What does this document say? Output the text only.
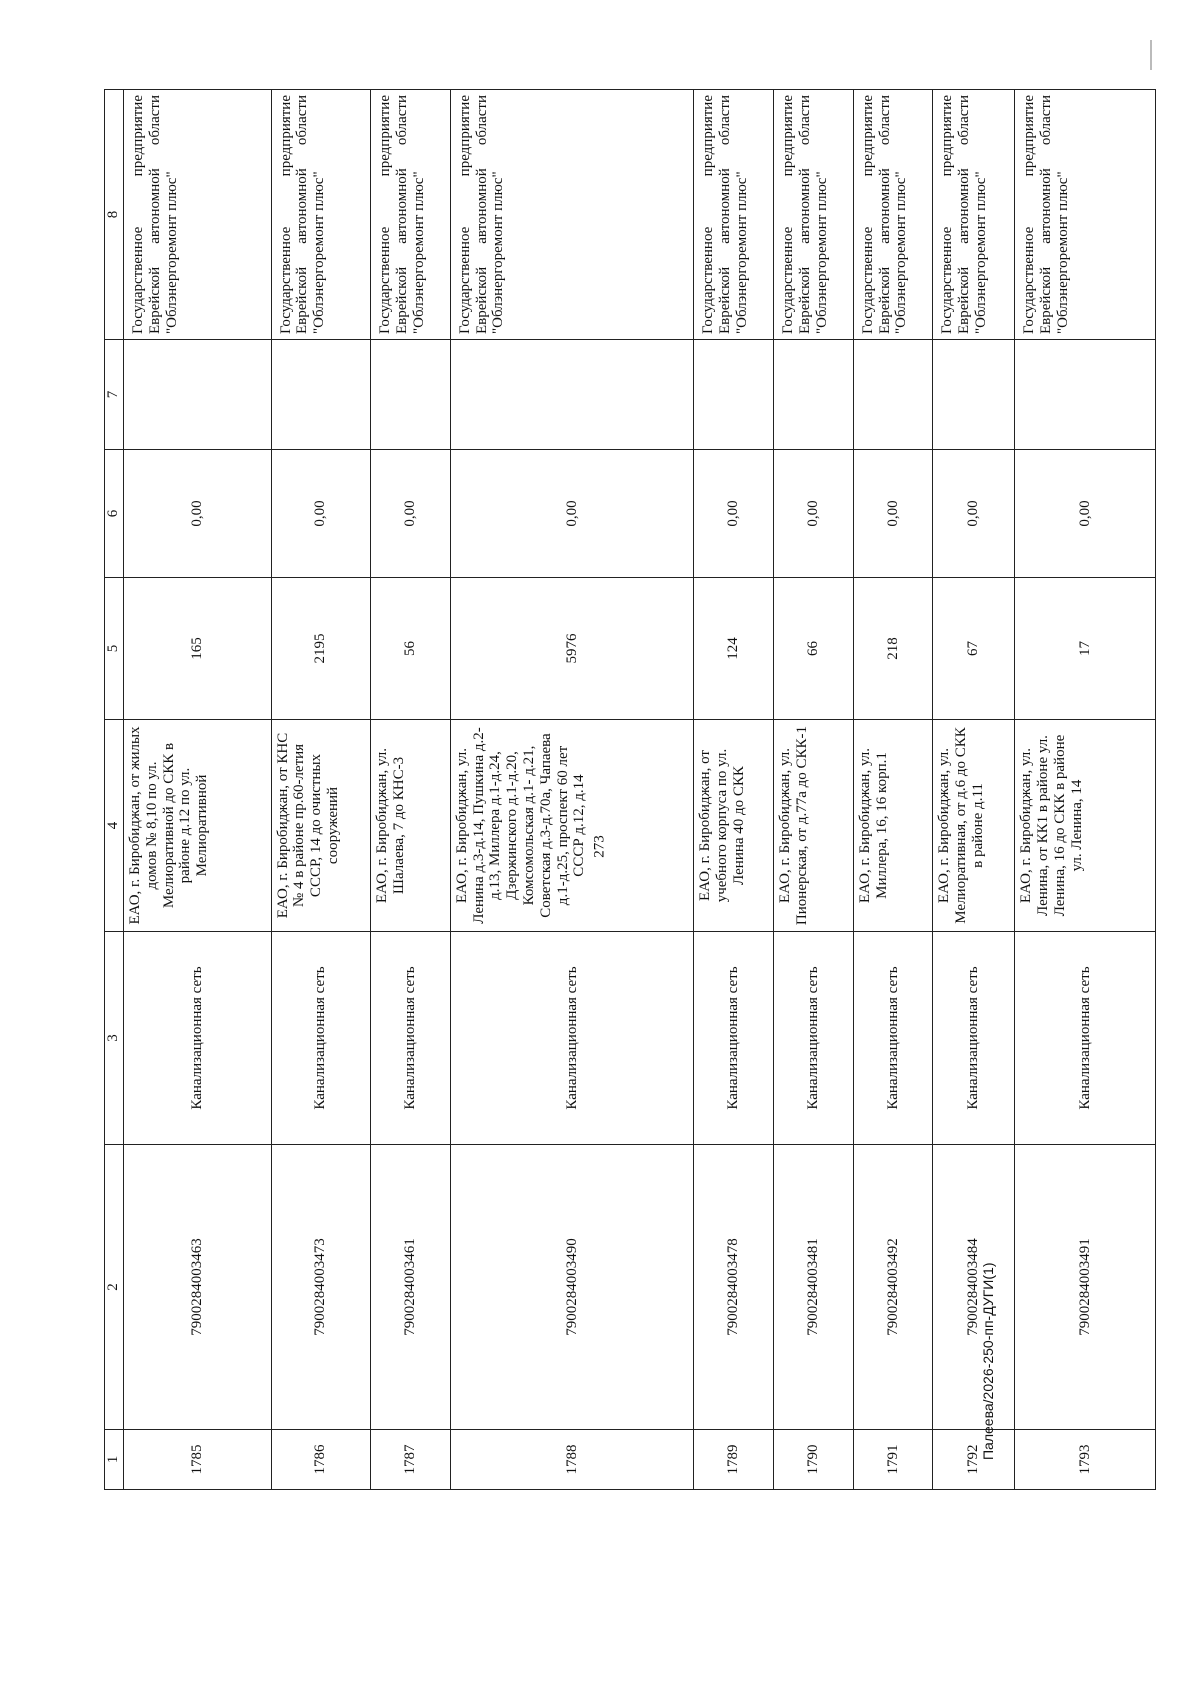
273
1	2	3	4	5	6	7	8
1785	7900284003463	Канализационная сеть	ЕАО, г. Биробиджан, от жилых домов № 8,10 по ул. Мелиоративной до СКК в районе д.12 по ул. Мелиоративной	165	0,00		Государственное предприятие Еврейской автономной области "Облэнергоремонт плюс"
1786	7900284003473	Канализационная сеть	ЕАО, г. Биробиджан, от КНС № 4 в районе пр.60-летия СССР, 14 до очистных сооружений	2195	0,00		Государственное предприятие Еврейской автономной области "Облэнергоремонт плюс"
1787	7900284003461	Канализационная сеть	ЕАО, г. Биробиджан, ул. Шалаева, 7 до КНС-3	56	0,00		Государственное предприятие Еврейской автономной области "Облэнергоремонт плюс"
1788	7900284003490	Канализационная сеть	ЕАО, г. Биробиджан, ул. Ленина д.3-д.14, Пушкина д.2-д.13, Миллера д.1-д.24, Дзержинского д.1-д.20, Комсомольская д.1- д.21, Советская д.3-д.70а, Чапаева д.1-д.25, проспект 60 лет СССР д.12, д.14	5976	0,00		Государственное предприятие Еврейской автономной области "Облэнергоремонт плюс"
1789	7900284003478	Канализационная сеть	ЕАО, г. Биробиджан, от учебного корпуса по ул. Ленина 40 до СКК	124	0,00		Государственное предприятие Еврейской автономной области "Облэнергоремонт плюс"
1790	7900284003481	Канализационная сеть	ЕАО, г. Биробиджан, ул. Пионерская, от д.77а до СКК-1	66	0,00		Государственное предприятие Еврейской автономной области "Облэнергоремонт плюс"
1791	7900284003492	Канализационная сеть	ЕАО, г. Биробиджан, ул. Миллера, 16, 16 корп.1	218	0,00		Государственное предприятие Еврейской автономной области "Облэнергоремонт плюс"
1792	7900284003484	Канализационная сеть	ЕАО, г. Биробиджан, ул. Мелиоративная, от д.6 до СКК в районе д.11	67	0,00		Государственное предприятие Еврейской автономной области "Облэнергоремонт плюс"
1793	7900284003491	Канализационная сеть	ЕАО, г. Биробиджан, ул. Ленина, от КК1 в районе ул. Ленина, 16 до СКК в районе ул. Ленина, 14	17	0,00		Государственное предприятие Еврейской автономной области "Облэнергоремонт плюс"
Палеева/2026-250-пп-ДУГИ(1)
